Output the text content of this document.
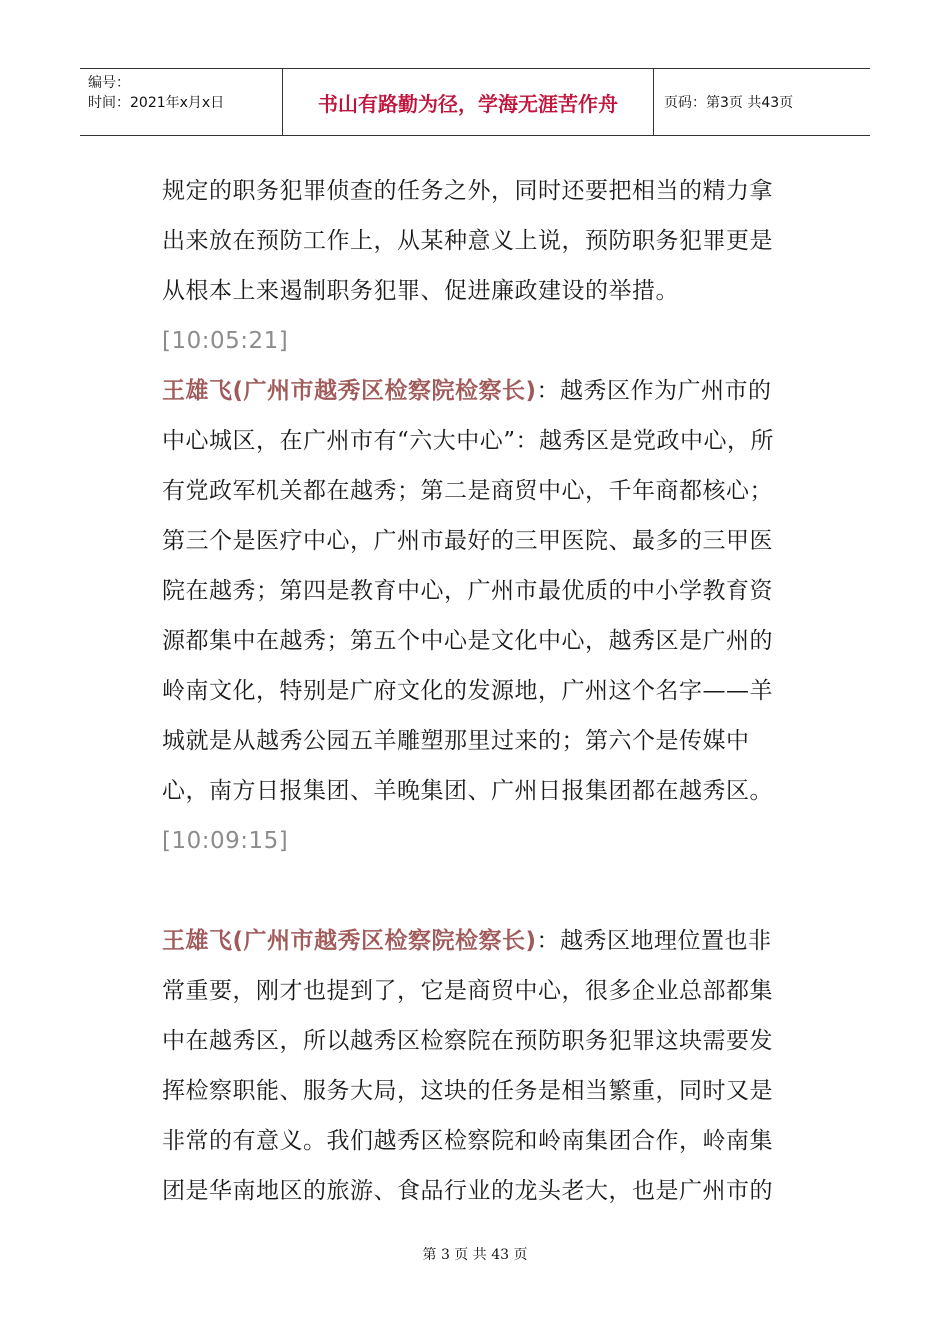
编号：
时间：2021年x月x日	书山有路勤为径，学海无涯苦作舟	页码：第3页 共43页

规定的职务犯罪侦查的任务之外，同时还要把相当的精力拿出来放在预防工作上，从某种意义上说，预防职务犯罪更是从根本上来遏制职务犯罪、促进廉政建设的举措。

[10:05:21]

王雄飞(广州市越秀区检察院检察长)：越秀区作为广州市的中心城区，在广州市有“六大中心”：越秀区是党政中心，所有党政军机关都在越秀；第二是商贸中心，千年商都核心；第三个是医疗中心，广州市最好的三甲医院、最多的三甲医院在越秀；第四是教育中心，广州市最优质的中小学教育资源都集中在越秀；第五个中心是文化中心，越秀区是广州的岭南文化，特别是广府文化的发源地，广州这个名字——羊城就是从越秀公园五羊雕塑那里过来的；第六个是传媒中心，南方日报集团、羊晚集团、广州日报集团都在越秀区。[10:09:15]

王雄飞(广州市越秀区检察院检察长)：越秀区地理位置也非常重要，刚才也提到了，它是商贸中心，很多企业总部都集中在越秀区，所以越秀区检察院在预防职务犯罪这块需要发挥检察职能、服务大局，这块的任务是相当繁重，同时又是非常的有意义。我们越秀区检察院和岭南集团合作，岭南集团是华南地区的旅游、食品行业的龙头老大，也是广州市的

第 3 页 共 43 页
